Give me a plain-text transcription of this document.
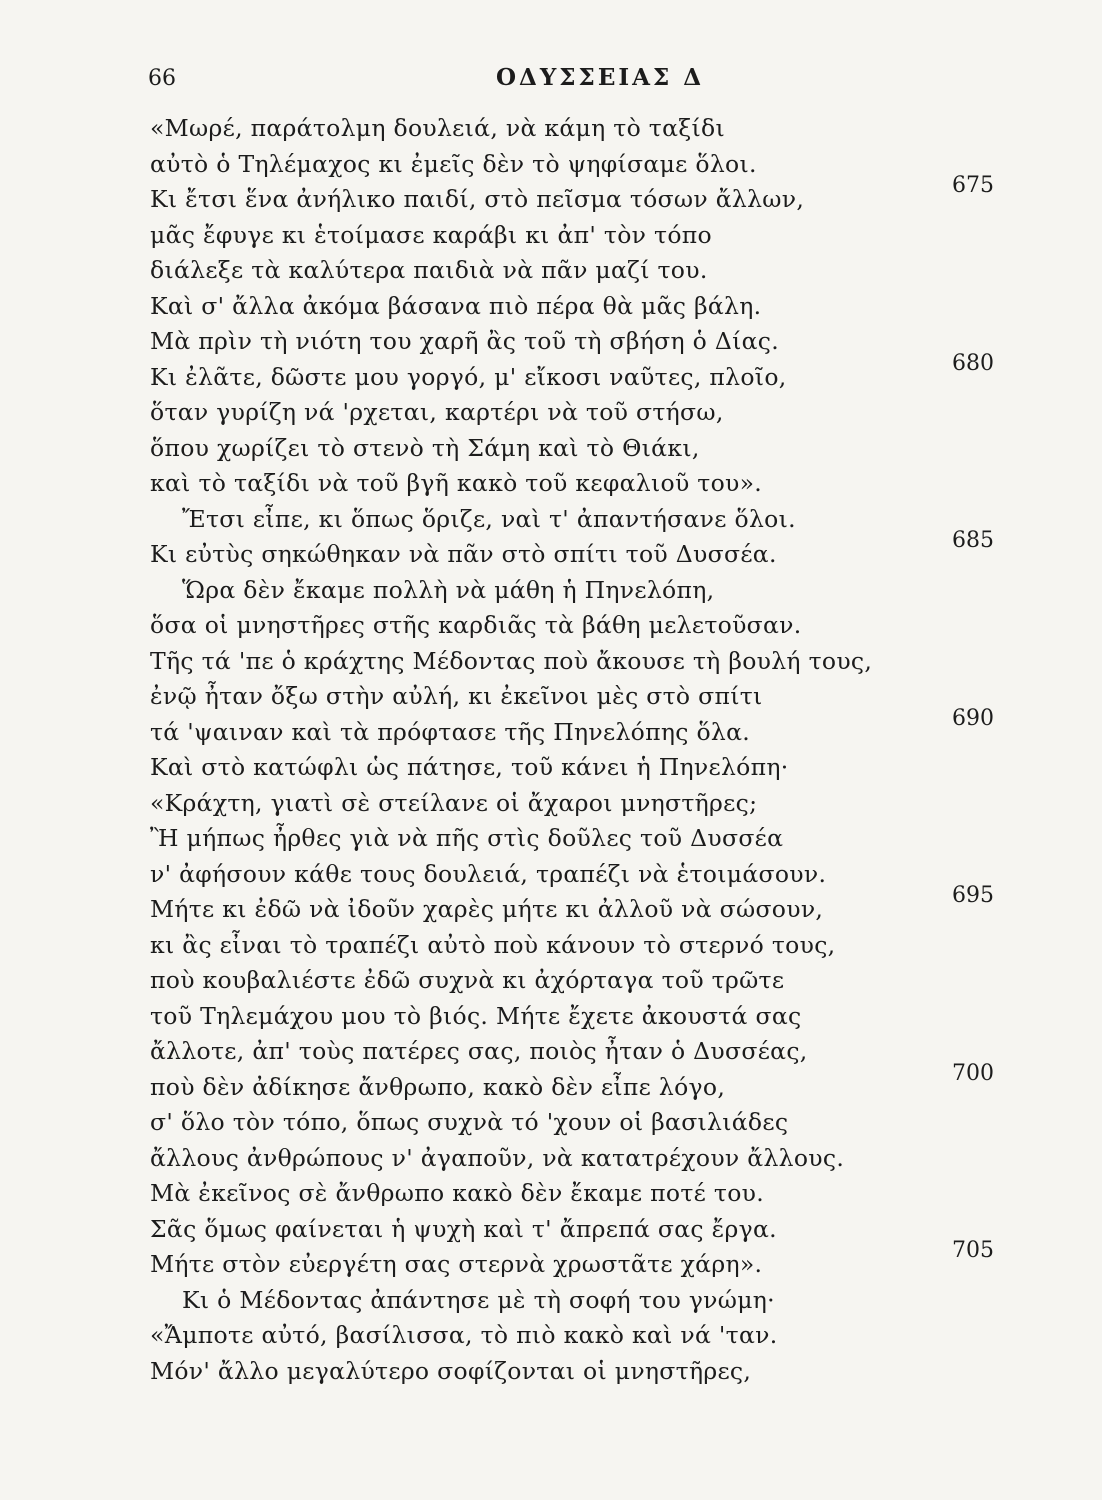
66	ΟΔΥΣΣΕΙΑΣ Δ
«Μωρέ, παράτολμη δουλειά, νὰ κάμη τὸ ταξίδι
αὐτὸ ὁ Τηλέμαχος κι ἐμεῖς δὲν τὸ ψηφίσαμε ὅλοι.
Κι ἔτσι ἕνα ἀνήλικο παιδί, στὸ πεῖσμα τόσων ἄλλων,	675
μᾶς ἔφυγε κι ἑτοίμασε καράβι κι ἀπ' τὸν τόπο
διάλεξε τὰ καλύτερα παιδιὰ νὰ πᾶν μαζί του.
Καὶ σ' ἄλλα ἀκόμα βάσανα πιὸ πέρα θὰ μᾶς βάλη.
Μὰ πρὶν τὴ νιότη του χαρῆ ἂς τοῦ τὴ σβήση ὁ Δίας.
Κι ἐλᾶτε, δῶστε μου γοργό, μ' εἴκοσι ναῦτες, πλοῖο,	680
ὅταν γυρίζη νά 'ρχεται, καρτέρι νὰ τοῦ στήσω,
ὅπου χωρίζει τὸ στενὸ τὴ Σάμη καὶ τὸ Θιάκι,
καὶ τὸ ταξίδι νὰ τοῦ βγῆ κακὸ τοῦ κεφαλιοῦ του».
Ἔτσι εἶπε, κι ὅπως ὅριζε, ναὶ τ' ἀπαντήσανε ὅλοι.
Κι εὐτὺς σηκώθηκαν νὰ πᾶν στὸ σπίτι τοῦ Δυσσέα.	685
Ὥρα δὲν ἔκαμε πολλὴ νὰ μάθη ἡ Πηνελόπη,
ὅσα οἱ μνηστῆρες στῆς καρδιᾶς τὰ βάθη μελετοῦσαν.
Τῆς τά 'πε ὁ κράχτης Μέδοντας ποὺ ἄκουσε τὴ βουλή τους,
ἐνῷ ἦταν ὄξω στὴν αὐλή, κι ἐκεῖνοι μὲς στὸ σπίτι
τά 'ψαιναν καὶ τὰ πρόφτασε τῆς Πηνελόπης ὅλα.	690
Καὶ στὸ κατώφλι ὡς πάτησε, τοῦ κάνει ἡ Πηνελόπη·
«Κράχτη, γιατὶ σὲ στείλανε οἱ ἄχαροι μνηστῆρες;
Ἢ μήπως ἦρθες γιὰ νὰ πῆς στὶς δοῦλες τοῦ Δυσσέα
ν' ἀφήσουν κάθε τους δουλειά, τραπέζι νὰ ἑτοιμάσουν.
Μήτε κι ἐδῶ νὰ ἰδοῦν χαρὲς μήτε κι ἀλλοῦ νὰ σώσουν,	695
κι ἂς εἶναι τὸ τραπέζι αὐτὸ ποὺ κάνουν τὸ στερνό τους,
ποὺ κουβαλιέστε ἐδῶ συχνὰ κι ἀχόρταγα τοῦ τρῶτε
τοῦ Τηλεμάχου μου τὸ βιός. Μήτε ἔχετε ἀκουστά σας
ἄλλοτε, ἀπ' τοὺς πατέρες σας, ποιὸς ἦταν ὁ Δυσσέας,
ποὺ δὲν ἀδίκησε ἄνθρωπο, κακὸ δὲν εἶπε λόγο,	700
σ' ὅλο τὸν τόπο, ὅπως συχνὰ τό 'χουν οἱ βασιλιάδες
ἄλλους ἀνθρώπους ν' ἀγαποῦν, νὰ κατατρέχουν ἄλλους.
Μὰ ἐκεῖνος σὲ ἄνθρωπο κακὸ δὲν ἔκαμε ποτέ του.
Σᾶς ὅμως φαίνεται ἡ ψυχὴ καὶ τ' ἄπρεπά σας ἔργα.
Μήτε στὸν εὐεργέτη σας στερνὰ χρωστᾶτε χάρη».	705
Κι ὁ Μέδοντας ἀπάντησε μὲ τὴ σοφή του γνώμη·
«Ἄμποτε αὐτό, βασίλισσα, τὸ πιὸ κακὸ καὶ νά 'ταν.
Μόν' ἄλλο μεγαλύτερο σοφίζονται οἱ μνηστῆρες,
